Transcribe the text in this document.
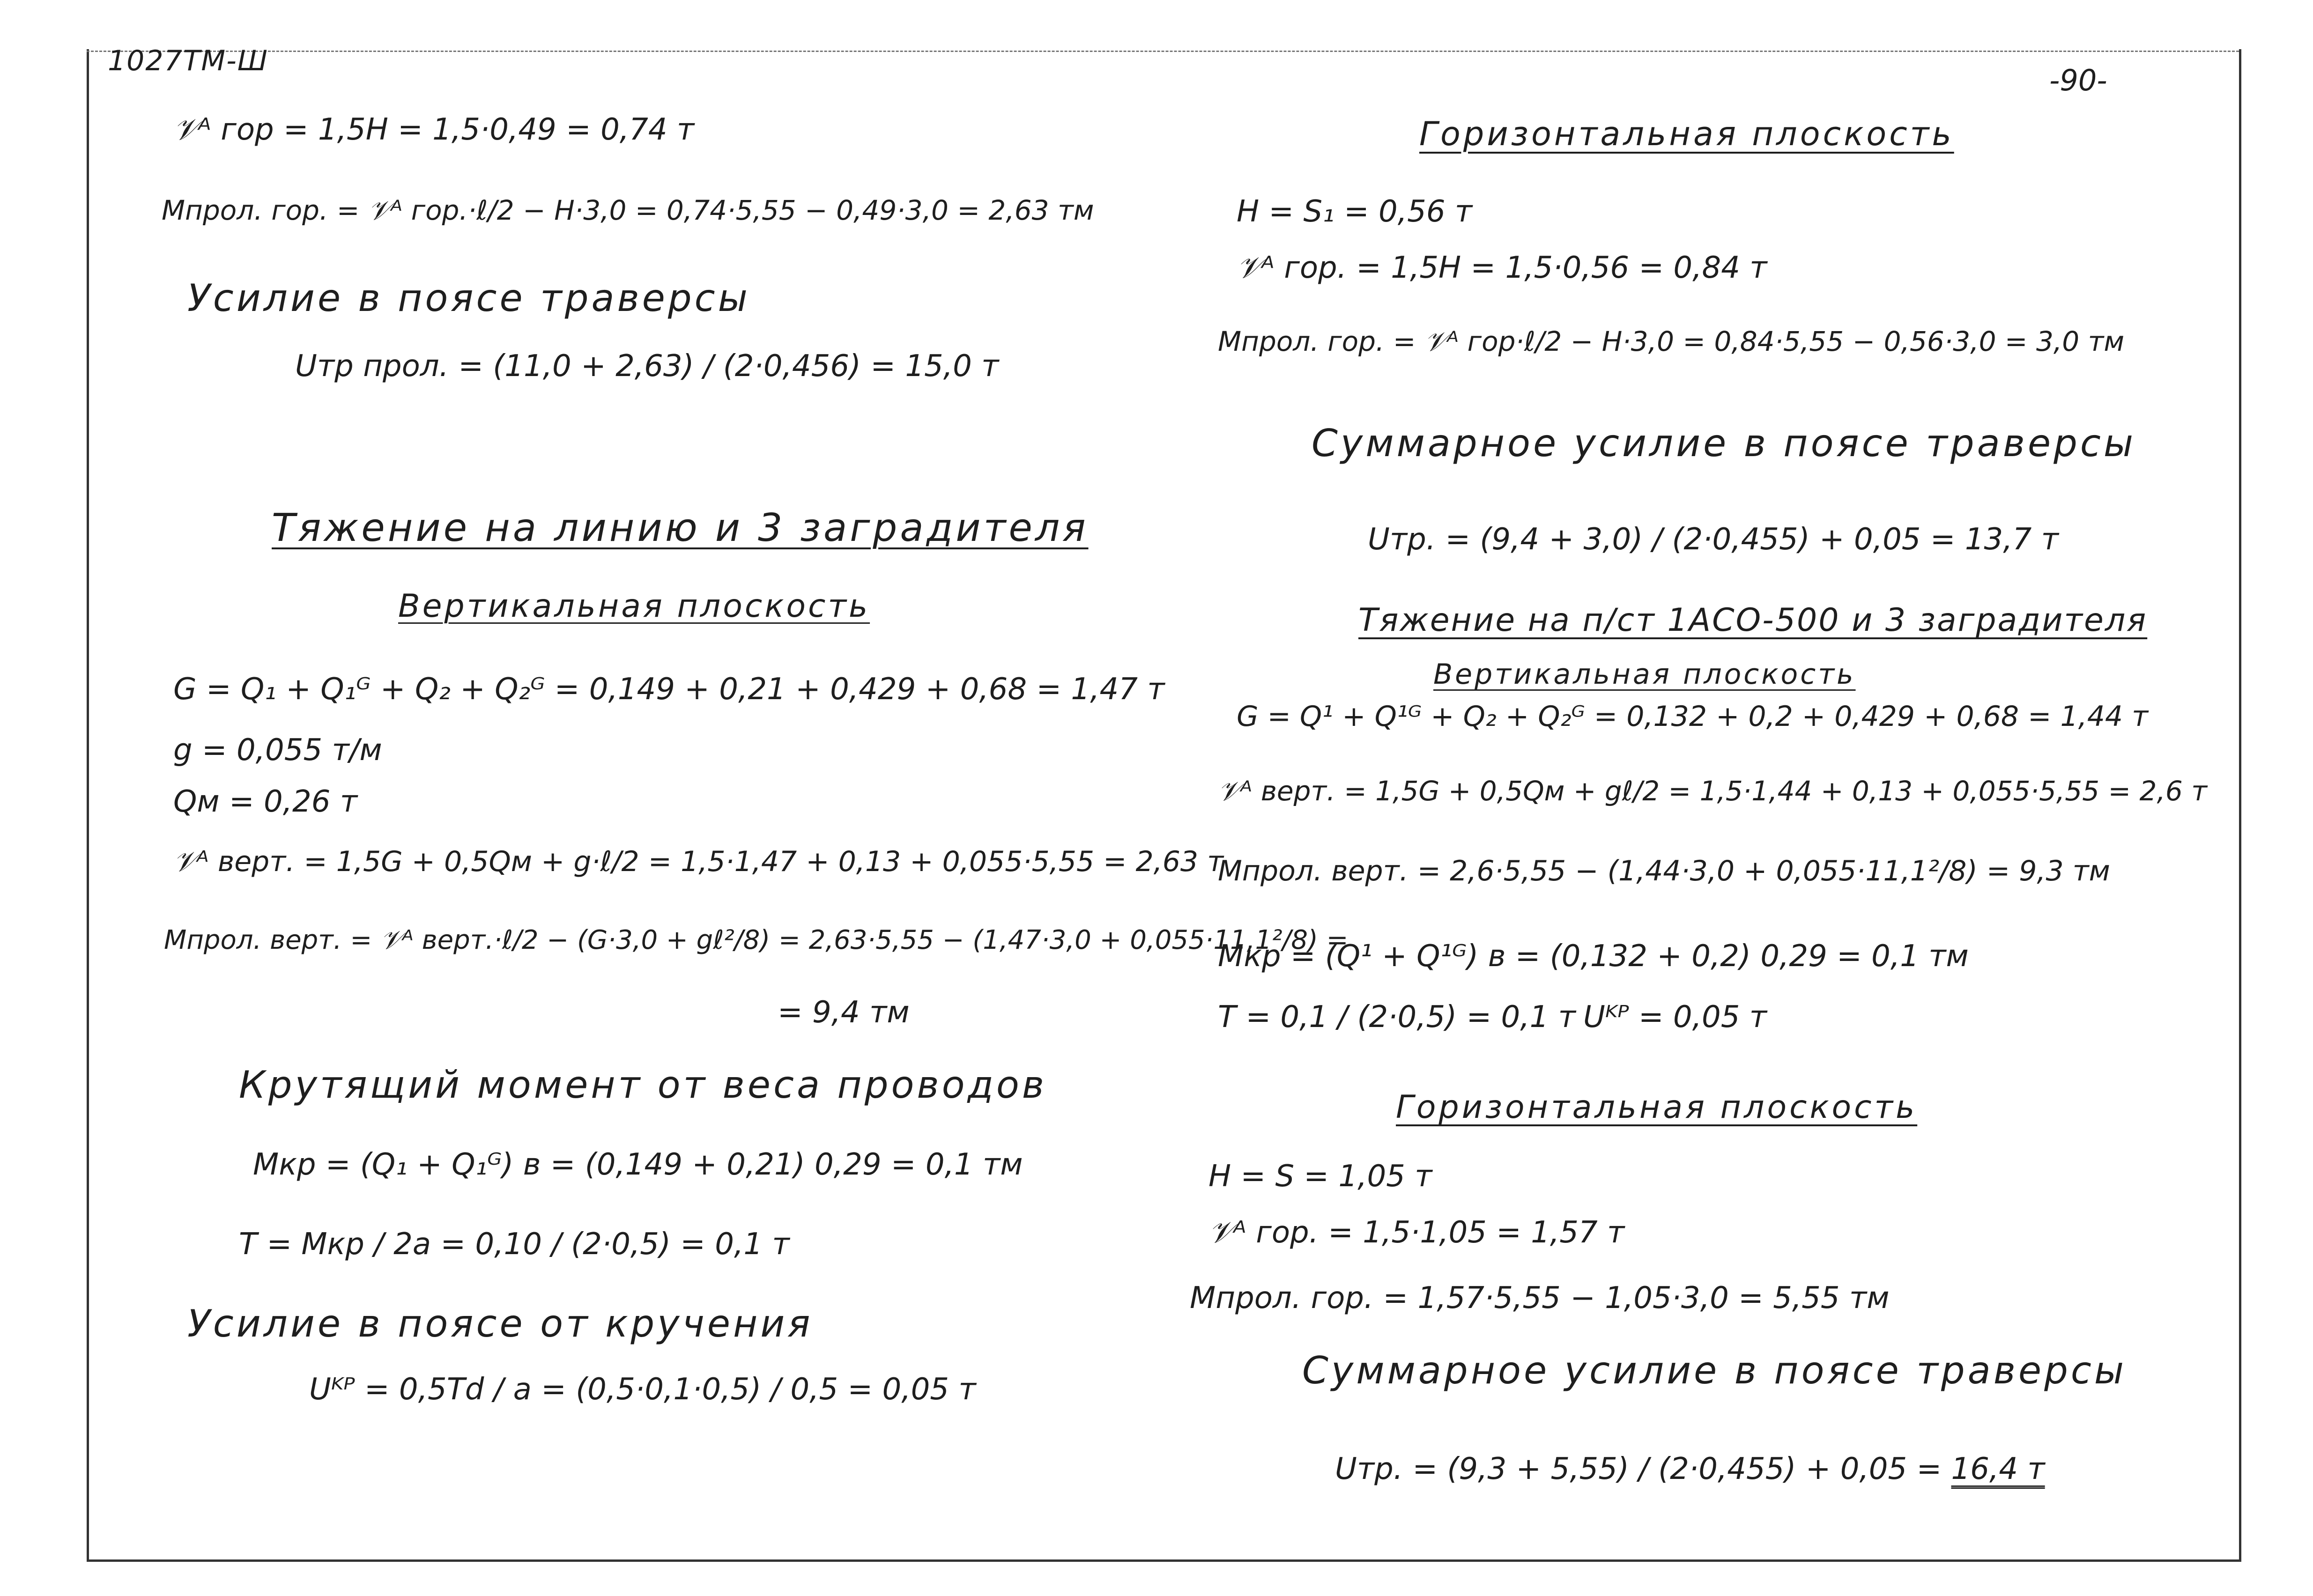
1027ТМ-Ш
-90-
𝒱ᴬ гор = 1,5Н = 1,5·0,49 = 0,74 т
Mпрол. гор. = 𝒱ᴬ гор.·ℓ/2 − Н·3,0 = 0,74·5,55 − 0,49·3,0 = 2,63 тм
Усилие в поясе траверсы
Uтр прол. = (11,0 + 2,63) / (2·0,456) = 15,0 т
Тяжение на линию и 3 заградителя
Вертикальная плоскость
G = Q₁ + Q₁ᴳ + Q₂ + Q₂ᴳ = 0,149 + 0,21 + 0,429 + 0,68 = 1,47 т
g = 0,055 т/м
Qм = 0,26 т
𝒱ᴬ верт. = 1,5G + 0,5Qм + g·ℓ/2 = 1,5·1,47 + 0,13 + 0,055·5,55 = 2,63 т
Mпрол. верт. = 𝒱ᴬ верт.·ℓ/2 − (G·3,0 + gℓ²/8) = 2,63·5,55 − (1,47·3,0 + 0,055·11,1²/8) =
= 9,4 тм
Крутящий момент от веса проводов
Mкр = (Q₁ + Q₁ᴳ) в = (0,149 + 0,21) 0,29 = 0,1 тм
T = Mкр / 2a = 0,10 / (2·0,5) = 0,1 т
Усилие в поясе от кручения
Uᴷᴾ = 0,5Td / a = (0,5·0,1·0,5) / 0,5 = 0,05 т
Горизонтальная плоскость
Н = S₁ = 0,56 т
𝒱ᴬ гор. = 1,5Н = 1,5·0,56 = 0,84 т
Mпрол. гор. = 𝒱ᴬ гор·ℓ/2 − Н·3,0 = 0,84·5,55 − 0,56·3,0 = 3,0 тм
Суммарное усилие в поясе траверсы
Uтр. = (9,4 + 3,0) / (2·0,455) + 0,05 = 13,7 т
Тяжение на п/ст 1АСО-500 и 3 заградителя
Вертикальная плоскость
G = Q¹ + Q¹ᴳ + Q₂ + Q₂ᴳ = 0,132 + 0,2 + 0,429 + 0,68 = 1,44 т
𝒱ᴬ верт. = 1,5G + 0,5Qм + gℓ/2 = 1,5·1,44 + 0,13 + 0,055·5,55 = 2,6 т
Mпрол. верт. = 2,6·5,55 − (1,44·3,0 + 0,055·11,1²/8) = 9,3 тм
Mкр = (Q¹ + Q¹ᴳ) в = (0,132 + 0,2) 0,29 = 0,1 тм
T = 0,1 / (2·0,5) = 0,1 т Uᴷᴾ = 0,05 т
Горизонтальная плоскость
Н = S = 1,05 т
𝒱ᴬ гор. = 1,5·1,05 = 1,57 т
Mпрол. гор. = 1,57·5,55 − 1,05·3,0 = 5,55 тм
Суммарное усилие в поясе траверсы
Uтр. = (9,3 + 5,55) / (2·0,455) + 0,05 = 16,4 т
